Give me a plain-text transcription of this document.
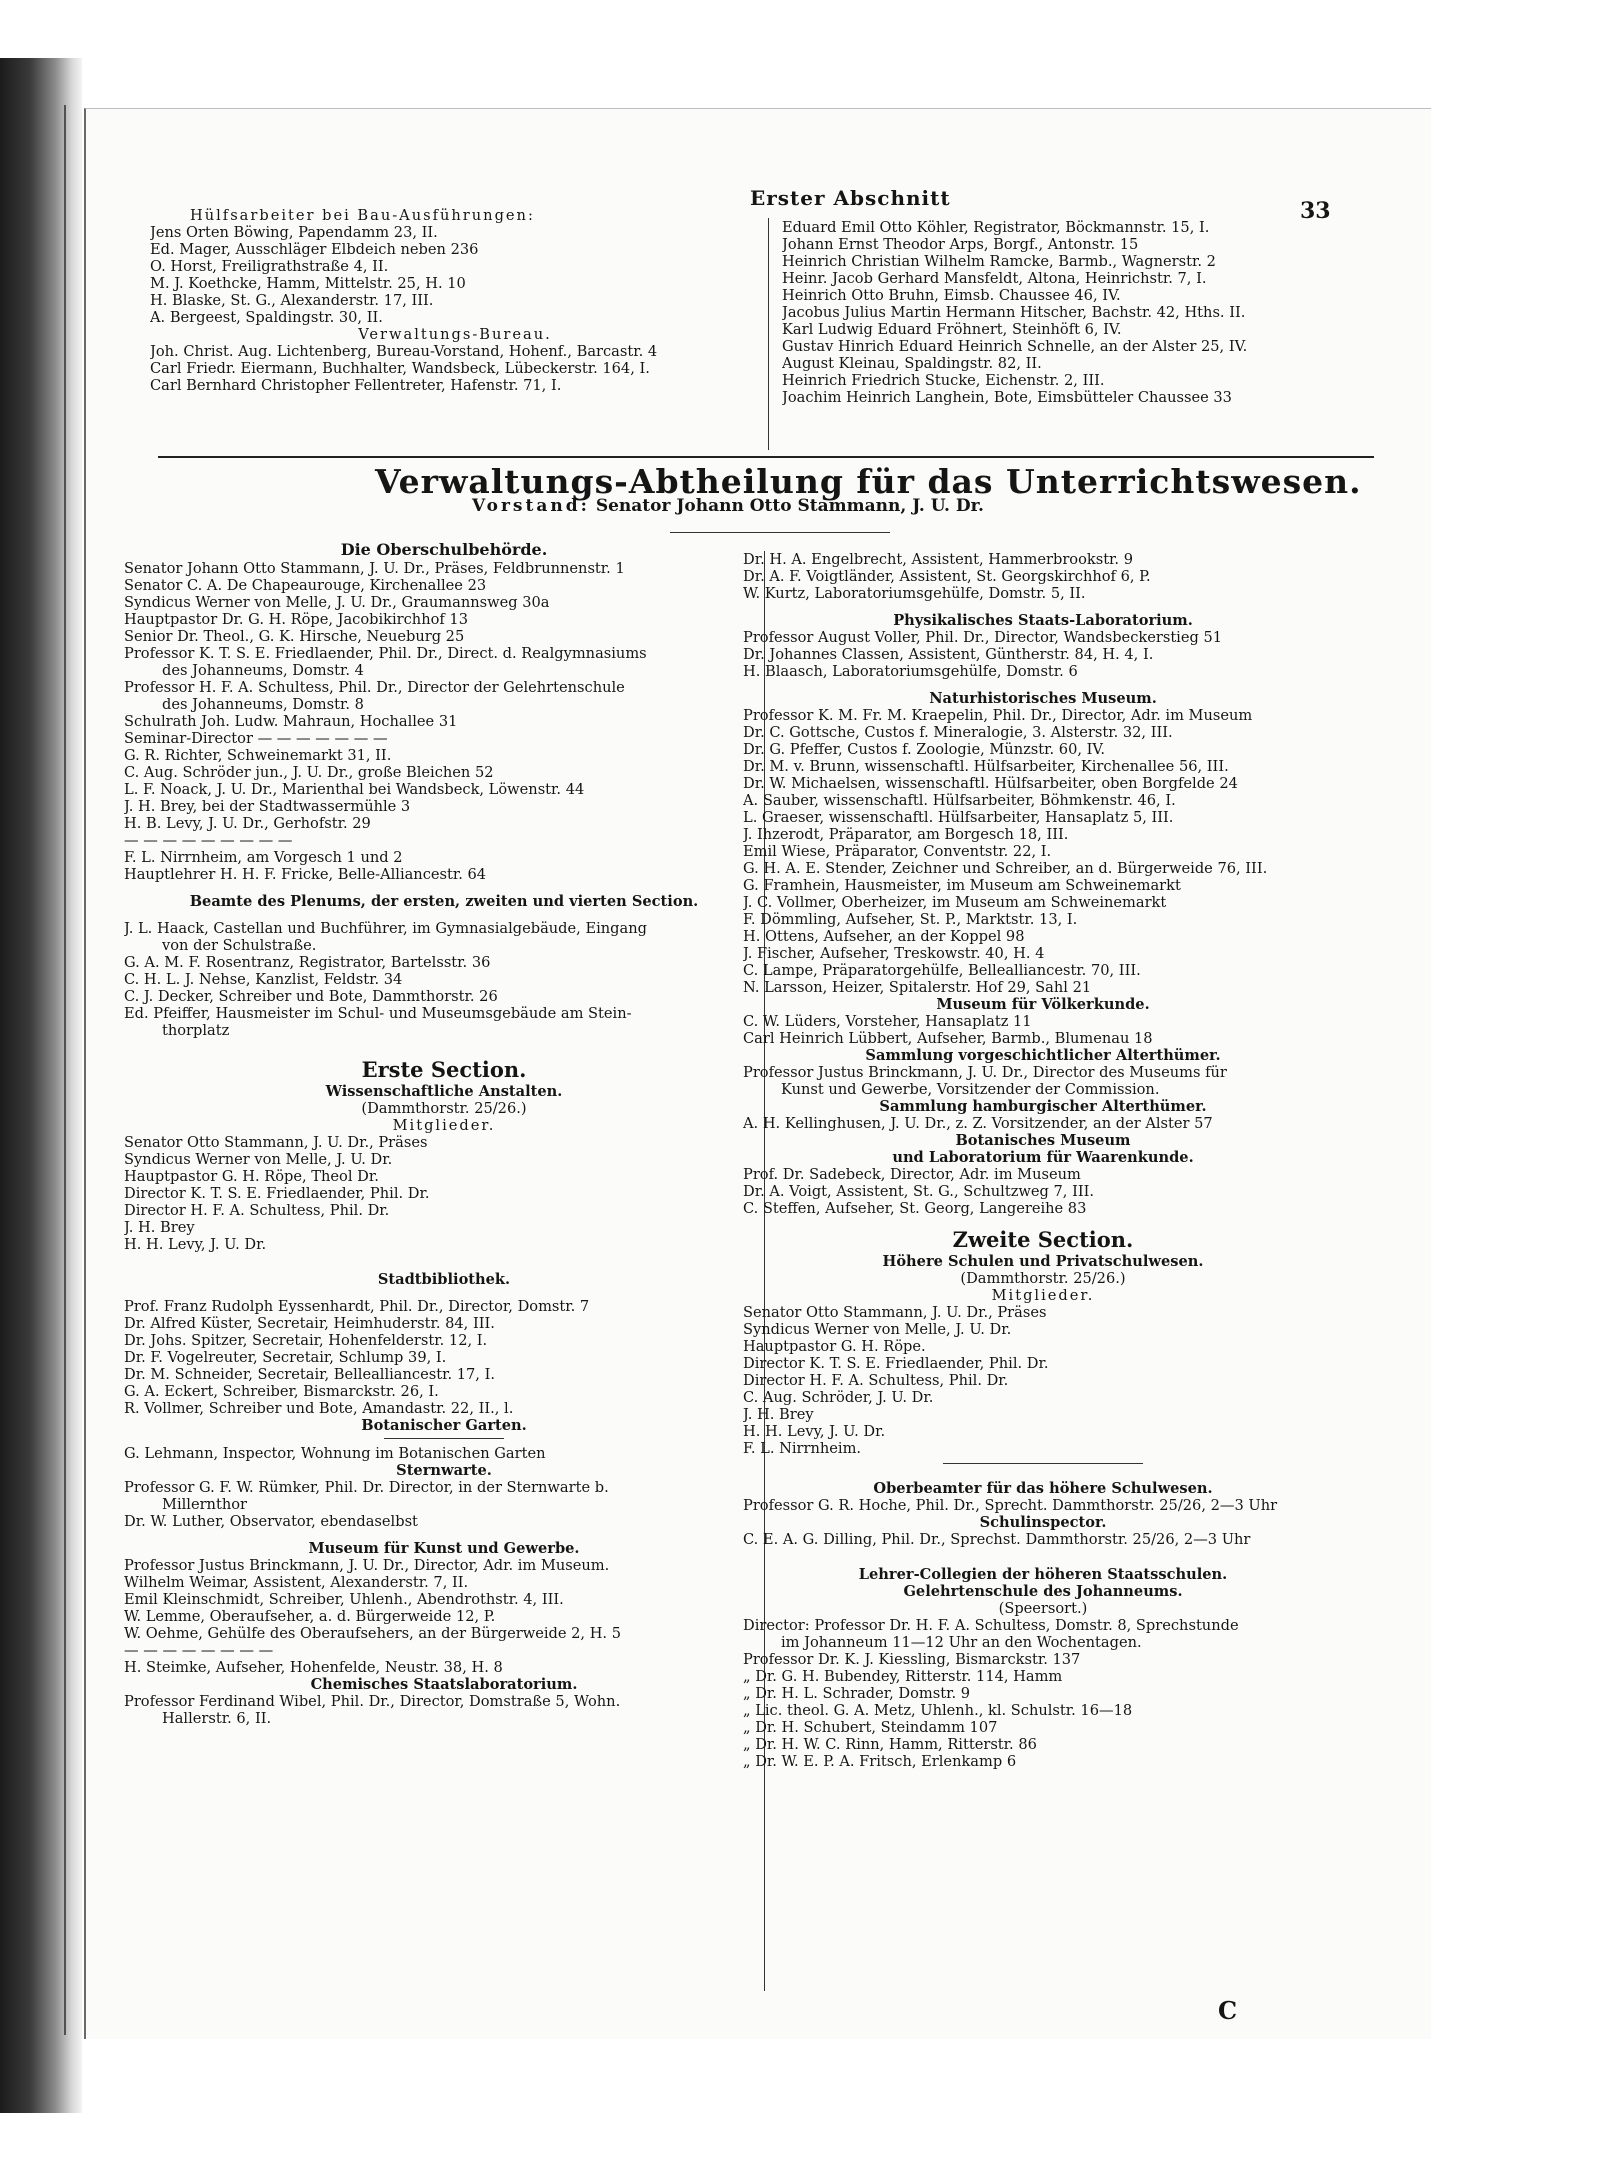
Erster Abschnitt	33
Hülfsarbeiter bei Bau-Ausführungen:
Jens Orten Böwing, Papendamm 23, II.
Ed. Mager, Ausschläger Elbdeich neben 236
O. Horst, Freiligrathstraße 4, II.
M. J. Koethcke, Hamm, Mittelstr. 25, H. 10
H. Blaske, St. G., Alexanderstr. 17, III.
A. Bergeest, Spaldingstr. 30, II.
Verwaltungs-Bureau.
Joh. Christ. Aug. Lichtenberg, Bureau-Vorstand, Hohenf., Barcastr. 4
Carl Friedr. Eiermann, Buchhalter, Wandsbeck, Lübeckerstr. 164, I.
Carl Bernhard Christopher Fellentreter, Hafenstr. 71, I.
Eduard Emil Otto Köhler, Registrator, Böckmannstr. 15, I.
Johann Ernst Theodor Arps, Borgf., Antonstr. 15
Heinrich Christian Wilhelm Ramcke, Barmb., Wagnerstr. 2
Heinr. Jacob Gerhard Mansfeldt, Altona, Heinrichstr. 7, I.
Heinrich Otto Bruhn, Eimsb. Chaussee 46, IV.
Jacobus Julius Martin Hermann Hitscher, Bachstr. 42, Hths. II.
Karl Ludwig Eduard Fröhnert, Steinhöft 6, IV.
Gustav Hinrich Eduard Heinrich Schnelle, an der Alster 25, IV.
August Kleinau, Spaldingstr. 82, II.
Heinrich Friedrich Stucke, Eichenstr. 2, III.
Joachim Heinrich Langhein, Bote, Eimsbütteler Chaussee 33
Verwaltungs-Abtheilung für das Unterrichtswesen.
Vorstand: Senator Johann Otto Stammann, J. U. Dr.
Die Oberschulbehörde.
Senator Johann Otto Stammann, J. U. Dr., Präses, Feldbrunnenstr. 1
Senator C. A. De Chapeaurouge, Kirchenallee 23
Syndicus Werner von Melle, J. U. Dr., Graumannsweg 30a
Hauptpastor Dr. G. H. Röpe, Jacobikirchhof 13
Senior Dr. Theol., G. K. Hirsche, Neueburg 25
Professor K. T. S. E. Friedlaender, Phil. Dr., Direct. d. Realgymnasiums
des Johanneums, Domstr. 4
Professor H. F. A. Schultess, Phil. Dr., Director der Gelehrtenschule
des Johanneums, Domstr. 8
Schulrath Joh. Ludw. Mahraun, Hochallee 31
Seminar-Director — — — — — — —
G. R. Richter, Schweinemarkt 31, II.
C. Aug. Schröder jun., J. U. Dr., große Bleichen 52
L. F. Noack, J. U. Dr., Marienthal bei Wandsbeck, Löwenstr. 44
J. H. Brey, bei der Stadtwassermühle 3
H. B. Levy, J. U. Dr., Gerhofstr. 29
— — — — — — — — —
F. L. Nirrnheim, am Vorgesch 1 und 2
Hauptlehrer H. H. F. Fricke, Belle-Alliancestr. 64
Beamte des Plenums, der ersten, zweiten und vierten Section.
J. L. Haack, Castellan und Buchführer, im Gymnasialgebäude, Eingang
von der Schulstraße.
G. A. M. F. Rosentranz, Registrator, Bartelsstr. 36
C. H. L. J. Nehse, Kanzlist, Feldstr. 34
C. J. Decker, Schreiber und Bote, Dammthorstr. 26
Ed. Pfeiffer, Hausmeister im Schul- und Museumsgebäude am Stein-
thorplatz
Erste Section.
Wissenschaftliche Anstalten.
(Dammthorstr. 25/26.)
Mitglieder.
Senator Otto Stammann, J. U. Dr., Präses
Syndicus Werner von Melle, J. U. Dr.
Hauptpastor G. H. Röpe, Theol Dr.
Director K. T. S. E. Friedlaender, Phil. Dr.
Director H. F. A. Schultess, Phil. Dr.
J. H. Brey
H. H. Levy, J. U. Dr.
Stadtbibliothek.
Prof. Franz Rudolph Eyssenhardt, Phil. Dr., Director, Domstr. 7
Dr. Alfred Küster, Secretair, Heimhuderstr. 84, III.
Dr. Johs. Spitzer, Secretair, Hohenfelderstr. 12, I.
Dr. F. Vogelreuter, Secretair, Schlump 39, I.
Dr. M. Schneider, Secretair, Bellealliancestr. 17, I.
G. A. Eckert, Schreiber, Bismarckstr. 26, I.
R. Vollmer, Schreiber und Bote, Amandastr. 22, II., l.
Botanischer Garten.
G. Lehmann, Inspector, Wohnung im Botanischen Garten
Sternwarte.
Professor G. F. W. Rümker, Phil. Dr. Director, in der Sternwarte b.
Millernthor
Dr. W. Luther, Observator, ebendaselbst
Museum für Kunst und Gewerbe.
Professor Justus Brinckmann, J. U. Dr., Director, Adr. im Museum.
Wilhelm Weimar, Assistent, Alexanderstr. 7, II.
Emil Kleinschmidt, Schreiber, Uhlenh., Abendrothstr. 4, III.
W. Lemme, Oberaufseher, a. d. Bürgerweide 12, P.
W. Oehme, Gehülfe des Oberaufsehers, an der Bürgerweide 2, H. 5
— — — — — — — —
H. Steimke, Aufseher, Hohenfelde, Neustr. 38, H. 8
Chemisches Staatslaboratorium.
Professor Ferdinand Wibel, Phil. Dr., Director, Domstraße 5, Wohn.
Hallerstr. 6, II.
Dr. H. A. Engelbrecht, Assistent, Hammerbrookstr. 9
Dr. A. F. Voigtländer, Assistent, St. Georgskirchhof 6, P.
W. Kurtz, Laboratoriumsgehülfe, Domstr. 5, II.
Physikalisches Staats-Laboratorium.
Professor August Voller, Phil. Dr., Director, Wandsbeckerstieg 51
Dr. Johannes Classen, Assistent, Güntherstr. 84, H. 4, I.
H. Blaasch, Laboratoriumsgehülfe, Domstr. 6
Naturhistorisches Museum.
Professor K. M. Fr. M. Kraepelin, Phil. Dr., Director, Adr. im Museum
Dr. C. Gottsche, Custos f. Mineralogie, 3. Alsterstr. 32, III.
Dr. G. Pfeffer, Custos f. Zoologie, Münzstr. 60, IV.
Dr. M. v. Brunn, wissenschaftl. Hülfsarbeiter, Kirchenallee 56, III.
Dr. W. Michaelsen, wissenschaftl. Hülfsarbeiter, oben Borgfelde 24
A. Sauber, wissenschaftl. Hülfsarbeiter, Böhmkenstr. 46, I.
L. Graeser, wissenschaftl. Hülfsarbeiter, Hansaplatz 5, III.
J. Ihzerodt, Präparator, am Borgesch 18, III.
Emil Wiese, Präparator, Conventstr. 22, I.
G. H. A. E. Stender, Zeichner und Schreiber, an d. Bürgerweide 76, III.
G. Framhein, Hausmeister, im Museum am Schweinemarkt
J. C. Vollmer, Oberheizer, im Museum am Schweinemarkt
F. Dömmling, Aufseher, St. P., Marktstr. 13, I.
H. Ottens, Aufseher, an der Koppel 98
J. Fischer, Aufseher, Treskowstr. 40, H. 4
C. Lampe, Präparatorgehülfe, Bellealliancestr. 70, III.
N. Larsson, Heizer, Spitalerstr. Hof 29, Sahl 21
Museum für Völkerkunde.
C. W. Lüders, Vorsteher, Hansaplatz 11
Carl Heinrich Lübbert, Aufseher, Barmb., Blumenau 18
Sammlung vorgeschichtlicher Alterthümer.
Professor Justus Brinckmann, J. U. Dr., Director des Museums für
Kunst und Gewerbe, Vorsitzender der Commission.
Sammlung hamburgischer Alterthümer.
A. H. Kellinghusen, J. U. Dr., z. Z. Vorsitzender, an der Alster 57
Botanisches Museum
und Laboratorium für Waarenkunde.
Prof. Dr. Sadebeck, Director, Adr. im Museum
Dr. A. Voigt, Assistent, St. G., Schultzweg 7, III.
C. Steffen, Aufseher, St. Georg, Langereihe 83
Zweite Section.
Höhere Schulen und Privatschulwesen.
(Dammthorstr. 25/26.)
Mitglieder.
Senator Otto Stammann, J. U. Dr., Präses
Syndicus Werner von Melle, J. U. Dr.
Hauptpastor G. H. Röpe.
Director K. T. S. E. Friedlaender, Phil. Dr.
Director H. F. A. Schultess, Phil. Dr.
C. Aug. Schröder, J. U. Dr.
J. H. Brey
H. H. Levy, J. U. Dr.
F. L. Nirrnheim.
Oberbeamter für das höhere Schulwesen.
Professor G. R. Hoche, Phil. Dr., Sprecht. Dammthorstr. 25/26, 2—3 Uhr
Schulinspector.
C. E. A. G. Dilling, Phil. Dr., Sprechst. Dammthorstr. 25/26, 2—3 Uhr
Lehrer-Collegien der höheren Staatsschulen.
Gelehrtenschule des Johanneums.
(Speersort.)
Director: Professor Dr. H. F. A. Schultess, Domstr. 8, Sprechstunde
im Johanneum 11—12 Uhr an den Wochentagen.
Professor Dr. K. J. Kiessling, Bismarckstr. 137
„ Dr. G. H. Bubendey, Ritterstr. 114, Hamm
„ Dr. H. L. Schrader, Domstr. 9
„ Lic. theol. G. A. Metz, Uhlenh., kl. Schulstr. 16—18
„ Dr. H. Schubert, Steindamm 107
„ Dr. H. W. C. Rinn, Hamm, Ritterstr. 86
„ Dr. W. E. P. A. Fritsch, Erlenkamp 6
C
